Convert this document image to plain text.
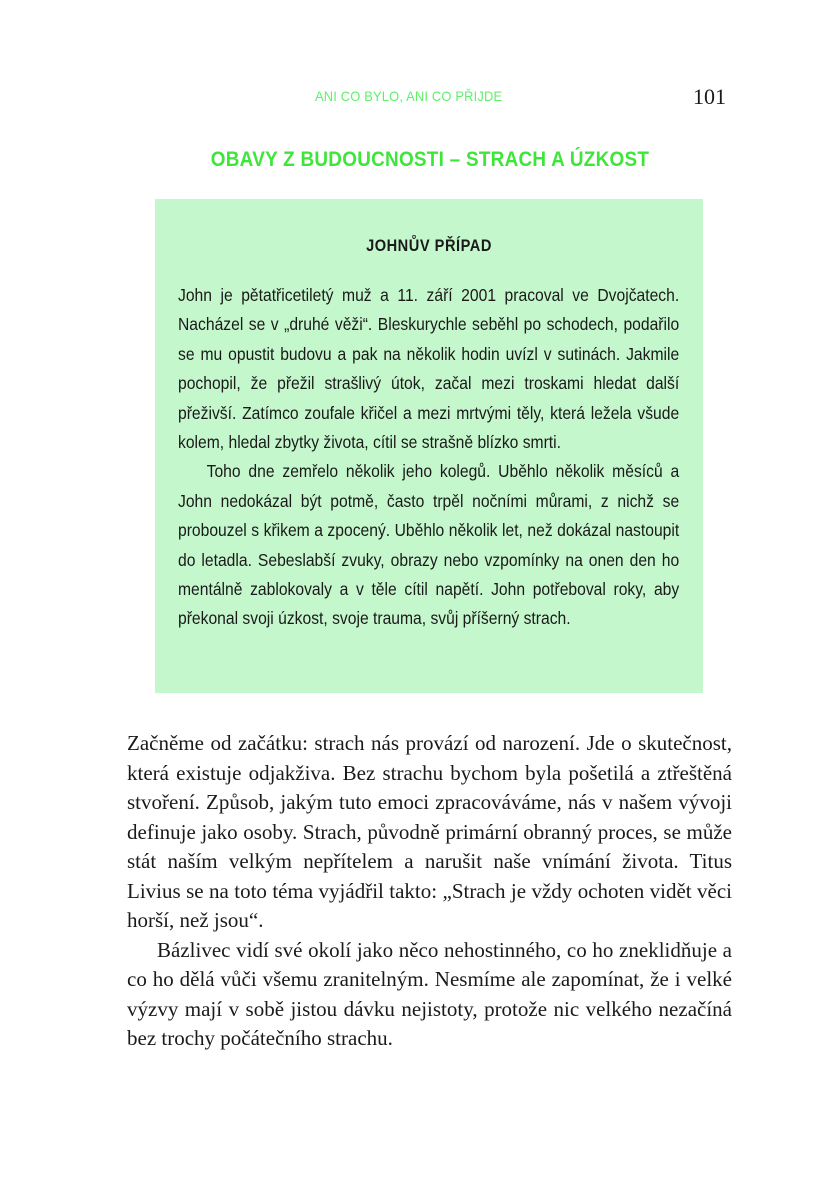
ANI CO BYLO, ANI CO PŘIJDE	101
OBAVY Z BUDOUCNOSTI – STRACH A ÚZKOST
JOHNŮV PŘÍPAD

John je pětatřicetiletý muž a 11. září 2001 pracoval ve Dvojčatech. Nacházel se v „druhé věži“. Bleskurychle seběhl po schodech, podařilo se mu opustit budovu a pak na několik hodin uvízl v sutinách. Jakmile pochopil, že přežil strašlivý útok, začal mezi troskami hledat další přeživší. Zatímco zoufale křičel a mezi mrtvými těly, která ležela všude kolem, hledal zbytky života, cítil se strašně blízko smrti.

Toho dne zemřelo několik jeho kolegů. Uběhlo několik měsíců a John nedokázal být potmě, často trpěl nočními můrami, z nichž se probouzel s křikem a zpocený. Uběhlo několik let, než dokázal nastoupit do letadla. Sebeslabší zvuky, obrazy nebo vzpomínky na onen den ho mentálně zablokovaly a v těle cítil napětí. John potřeboval roky, aby překonal svoji úzkost, svoje trauma, svůj příšerný strach.

Začněme od začátku: strach nás provází od narození. Jde o skutečnost, která existuje odjakživa. Bez strachu bychom byla pošetilá a ztřeštěná stvoření. Způsob, jakým tuto emoci zpracováváme, nás v našem vývoji definuje jako osoby. Strach, původně primární obranný proces, se může stát naším velkým nepřítelem a narušit naše vnímání života. Titus Livius se na toto téma vyjádřil takto: „Strach je vždy ochoten vidět věci horší, než jsou“.

Bázlivec vidí své okolí jako něco nehostinného, co ho zneklidňuje a co ho dělá vůči všemu zranitelným. Nesmíme ale zapomínat, že i velké výzvy mají v sobě jistou dávku nejistoty, protože nic velkého nezačíná bez trochy počátečního strachu.
